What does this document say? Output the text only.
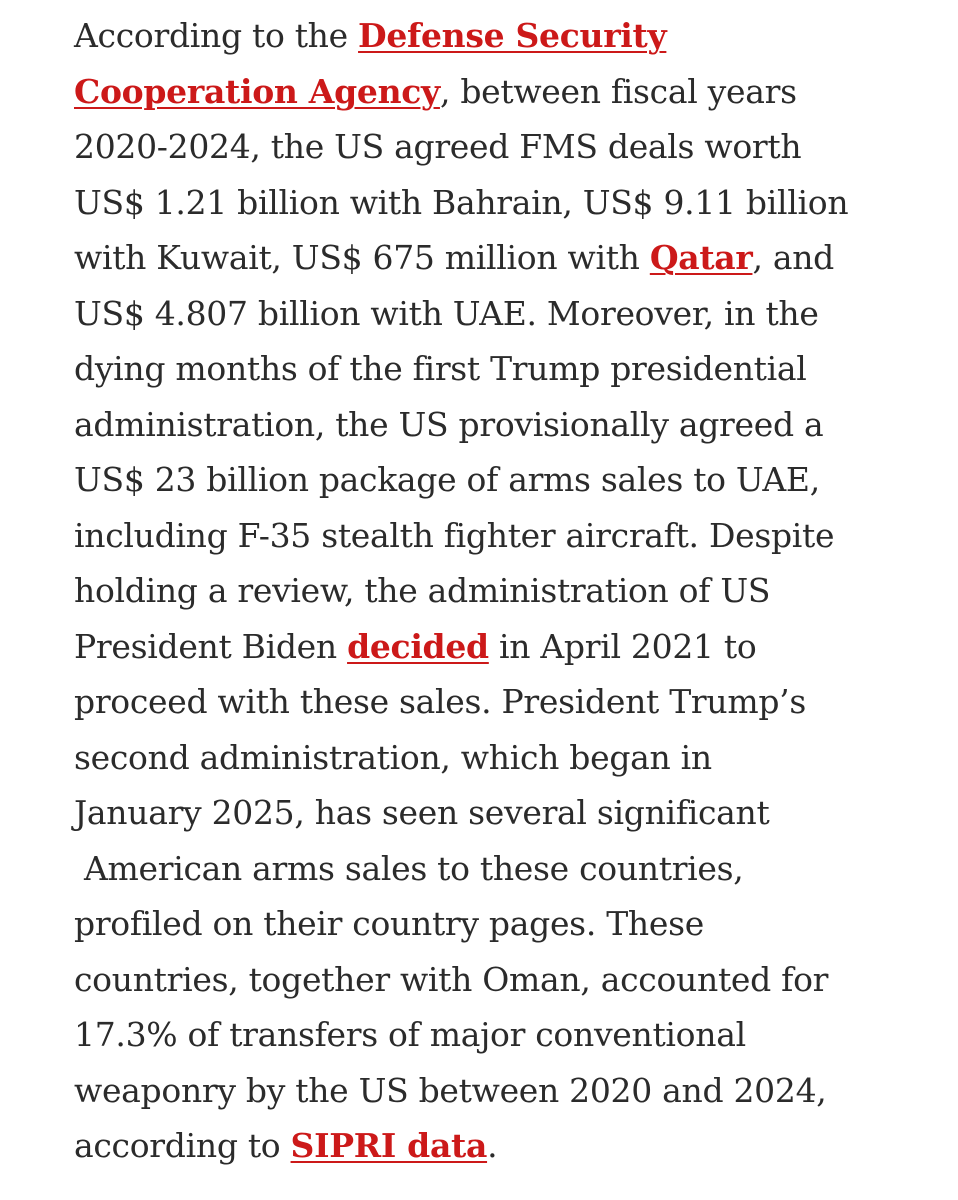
According to the Defense Security
Cooperation Agency, between fiscal years
2020-2024, the US agreed FMS deals worth
US$ 1.21 billion with Bahrain, US$ 9.11 billion
with Kuwait, US$ 675 million with Qatar, and
US$ 4.807 billion with UAE. Moreover, in the
dying months of the first Trump presidential
administration, the US provisionally agreed a
US$ 23 billion package of arms sales to UAE,
including F-35 stealth fighter aircraft. Despite
holding a review, the administration of US
President Biden decided in April 2021 to
proceed with these sales. President Trump’s
second administration, which began in
January 2025, has seen several significant
American arms sales to these countries,
profiled on their country pages. These
countries, together with Oman, accounted for
17.3% of transfers of major conventional
weaponry by the US between 2020 and 2024,
according to SIPRI data.
